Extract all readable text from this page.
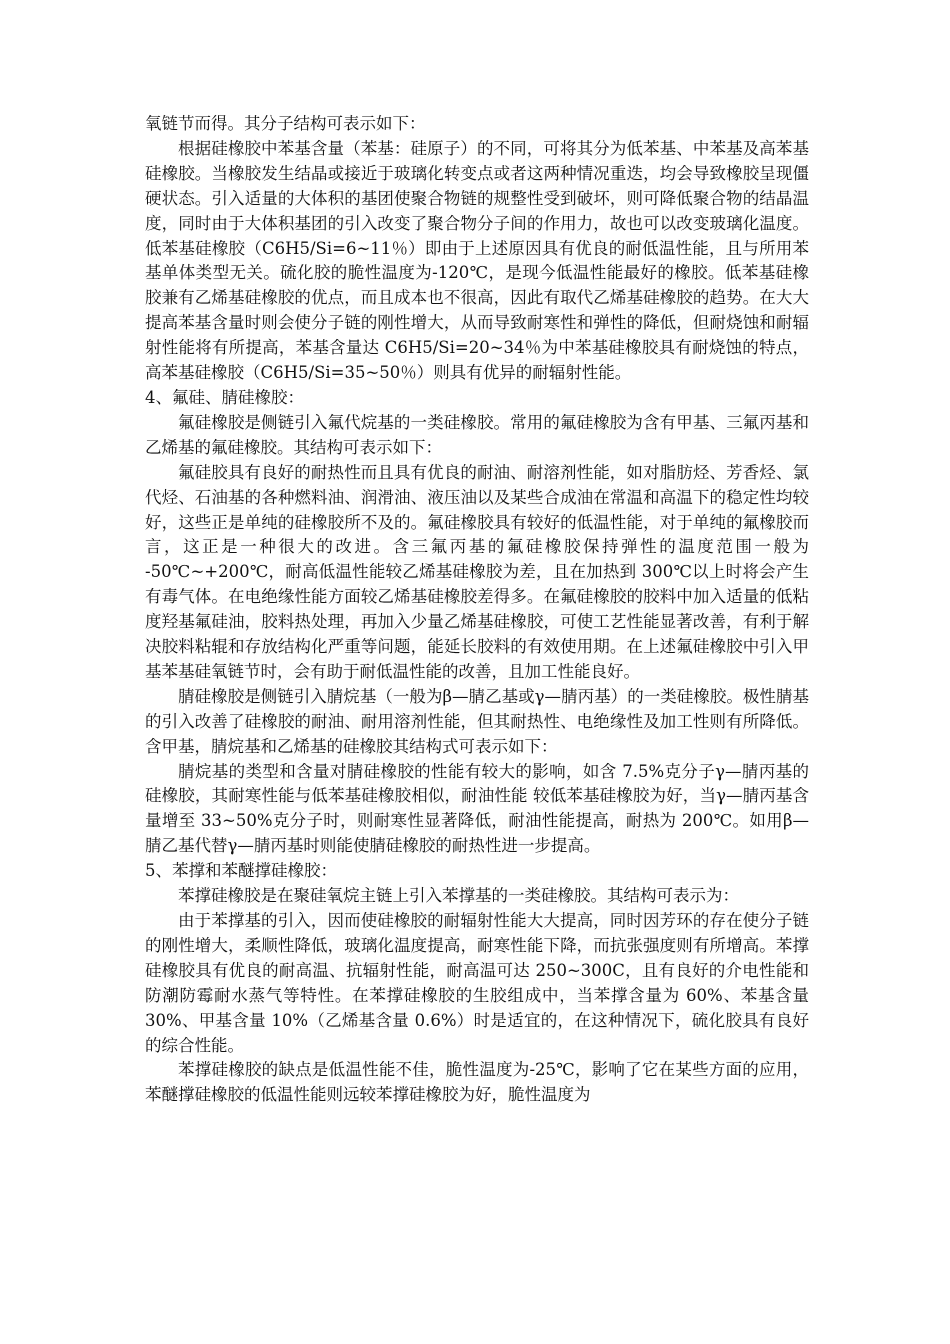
氧链节而得。其分子结构可表示如下：

根据硅橡胶中苯基含量（苯基：硅原子）的不同，可将其分为低苯基、中苯基及高苯基硅橡胶。当橡胶发生结晶或接近于玻璃化转变点或者这两种情况重迭，均会导致橡胶呈现僵硬状态。引入适量的大体积的基团使聚合物链的规整性受到破坏，则可降低聚合物的结晶温度，同时由于大体积基团的引入改变了聚合物分子间的作用力，故也可以改变玻璃化温度。低苯基硅橡胶（C6H5/Si=6~11％）即由于上述原因具有优良的耐低温性能，且与所用苯基单体类型无关。硫化胶的脆性温度为-120℃，是现今低温性能最好的橡胶。低苯基硅橡胶兼有乙烯基硅橡胶的优点，而且成本也不很高，因此有取代乙烯基硅橡胶的趋势。在大大提高苯基含量时则会使分子链的刚性增大，从而导致耐寒性和弹性的降低，但耐烧蚀和耐辐射性能将有所提高，苯基含量达 C6H5/Si=20~34％为中苯基硅橡胶具有耐烧蚀的特点，高苯基硅橡胶（C6H5/Si=35~50％）则具有优异的耐辐射性能。

4、氟硅、腈硅橡胶：

氟硅橡胶是侧链引入氟代烷基的一类硅橡胶。常用的氟硅橡胶为含有甲基、三氟丙基和乙烯基的氟硅橡胶。其结构可表示如下：

氟硅胶具有良好的耐热性而且具有优良的耐油、耐溶剂性能，如对脂肪烃、芳香烃、氯代烃、石油基的各种燃料油、润滑油、液压油以及某些合成油在常温和高温下的稳定性均较好，这些正是单纯的硅橡胶所不及的。氟硅橡胶具有较好的低温性能，对于单纯的氟橡胶而言，这正是一种很大的改进。含三氟丙基的氟硅橡胶保持弹性的温度范围一般为 -50℃~+200℃，耐高低温性能较乙烯基硅橡胶为差，且在加热到 300℃以上时将会产生有毒气体。在电绝缘性能方面较乙烯基硅橡胶差得多。在氟硅橡胶的胶料中加入适量的低粘度羟基氟硅油，胶料热处理，再加入少量乙烯基硅橡胶，可使工艺性能显著改善，有利于解决胶料粘辊和存放结构化严重等问题，能延长胶料的有效使用期。在上述氟硅橡胶中引入甲基苯基硅氧链节时，会有助于耐低温性能的改善，且加工性能良好。

腈硅橡胶是侧链引入腈烷基（一般为β—腈乙基或γ—腈丙基）的一类硅橡胶。极性腈基的引入改善了硅橡胶的耐油、耐用溶剂性能，但其耐热性、电绝缘性及加工性则有所降低。含甲基，腈烷基和乙烯基的硅橡胶其结构式可表示如下：

腈烷基的类型和含量对腈硅橡胶的性能有较大的影响，如含 7.5%克分子γ—腈丙基的硅橡胶，其耐寒性能与低苯基硅橡胶相似，耐油性能 较低苯基硅橡胶为好，当γ—腈丙基含量增至 33~50%克分子时，则耐寒性显著降低，耐油性能提高，耐热为 200℃。如用β—腈乙基代替γ—腈丙基时则能使腈硅橡胶的耐热性进一步提高。

5、苯撑和苯醚撑硅橡胶：

苯撑硅橡胶是在聚硅氧烷主链上引入苯撑基的一类硅橡胶。其结构可表示为：

由于苯撑基的引入，因而使硅橡胶的耐辐射性能大大提高，同时因芳环的存在使分子链的刚性增大，柔顺性降低，玻璃化温度提高，耐寒性能下降，而抗张强度则有所增高。苯撑硅橡胶具有优良的耐高温、抗辐射性能，耐高温可达 250~300C，且有良好的介电性能和防潮防霉耐水蒸气等特性。在苯撑硅橡胶的生胶组成中，当苯撑含量为 60%、苯基含量 30%、甲基含量 10%（乙烯基含量 0.6%）时是适宜的，在这种情况下，硫化胶具有良好的综合性能。

苯撑硅橡胶的缺点是低温性能不佳，脆性温度为-25℃，影响了它在某些方面的应用，苯醚撑硅橡胶的低温性能则远较苯撑硅橡胶为好，脆性温度为
